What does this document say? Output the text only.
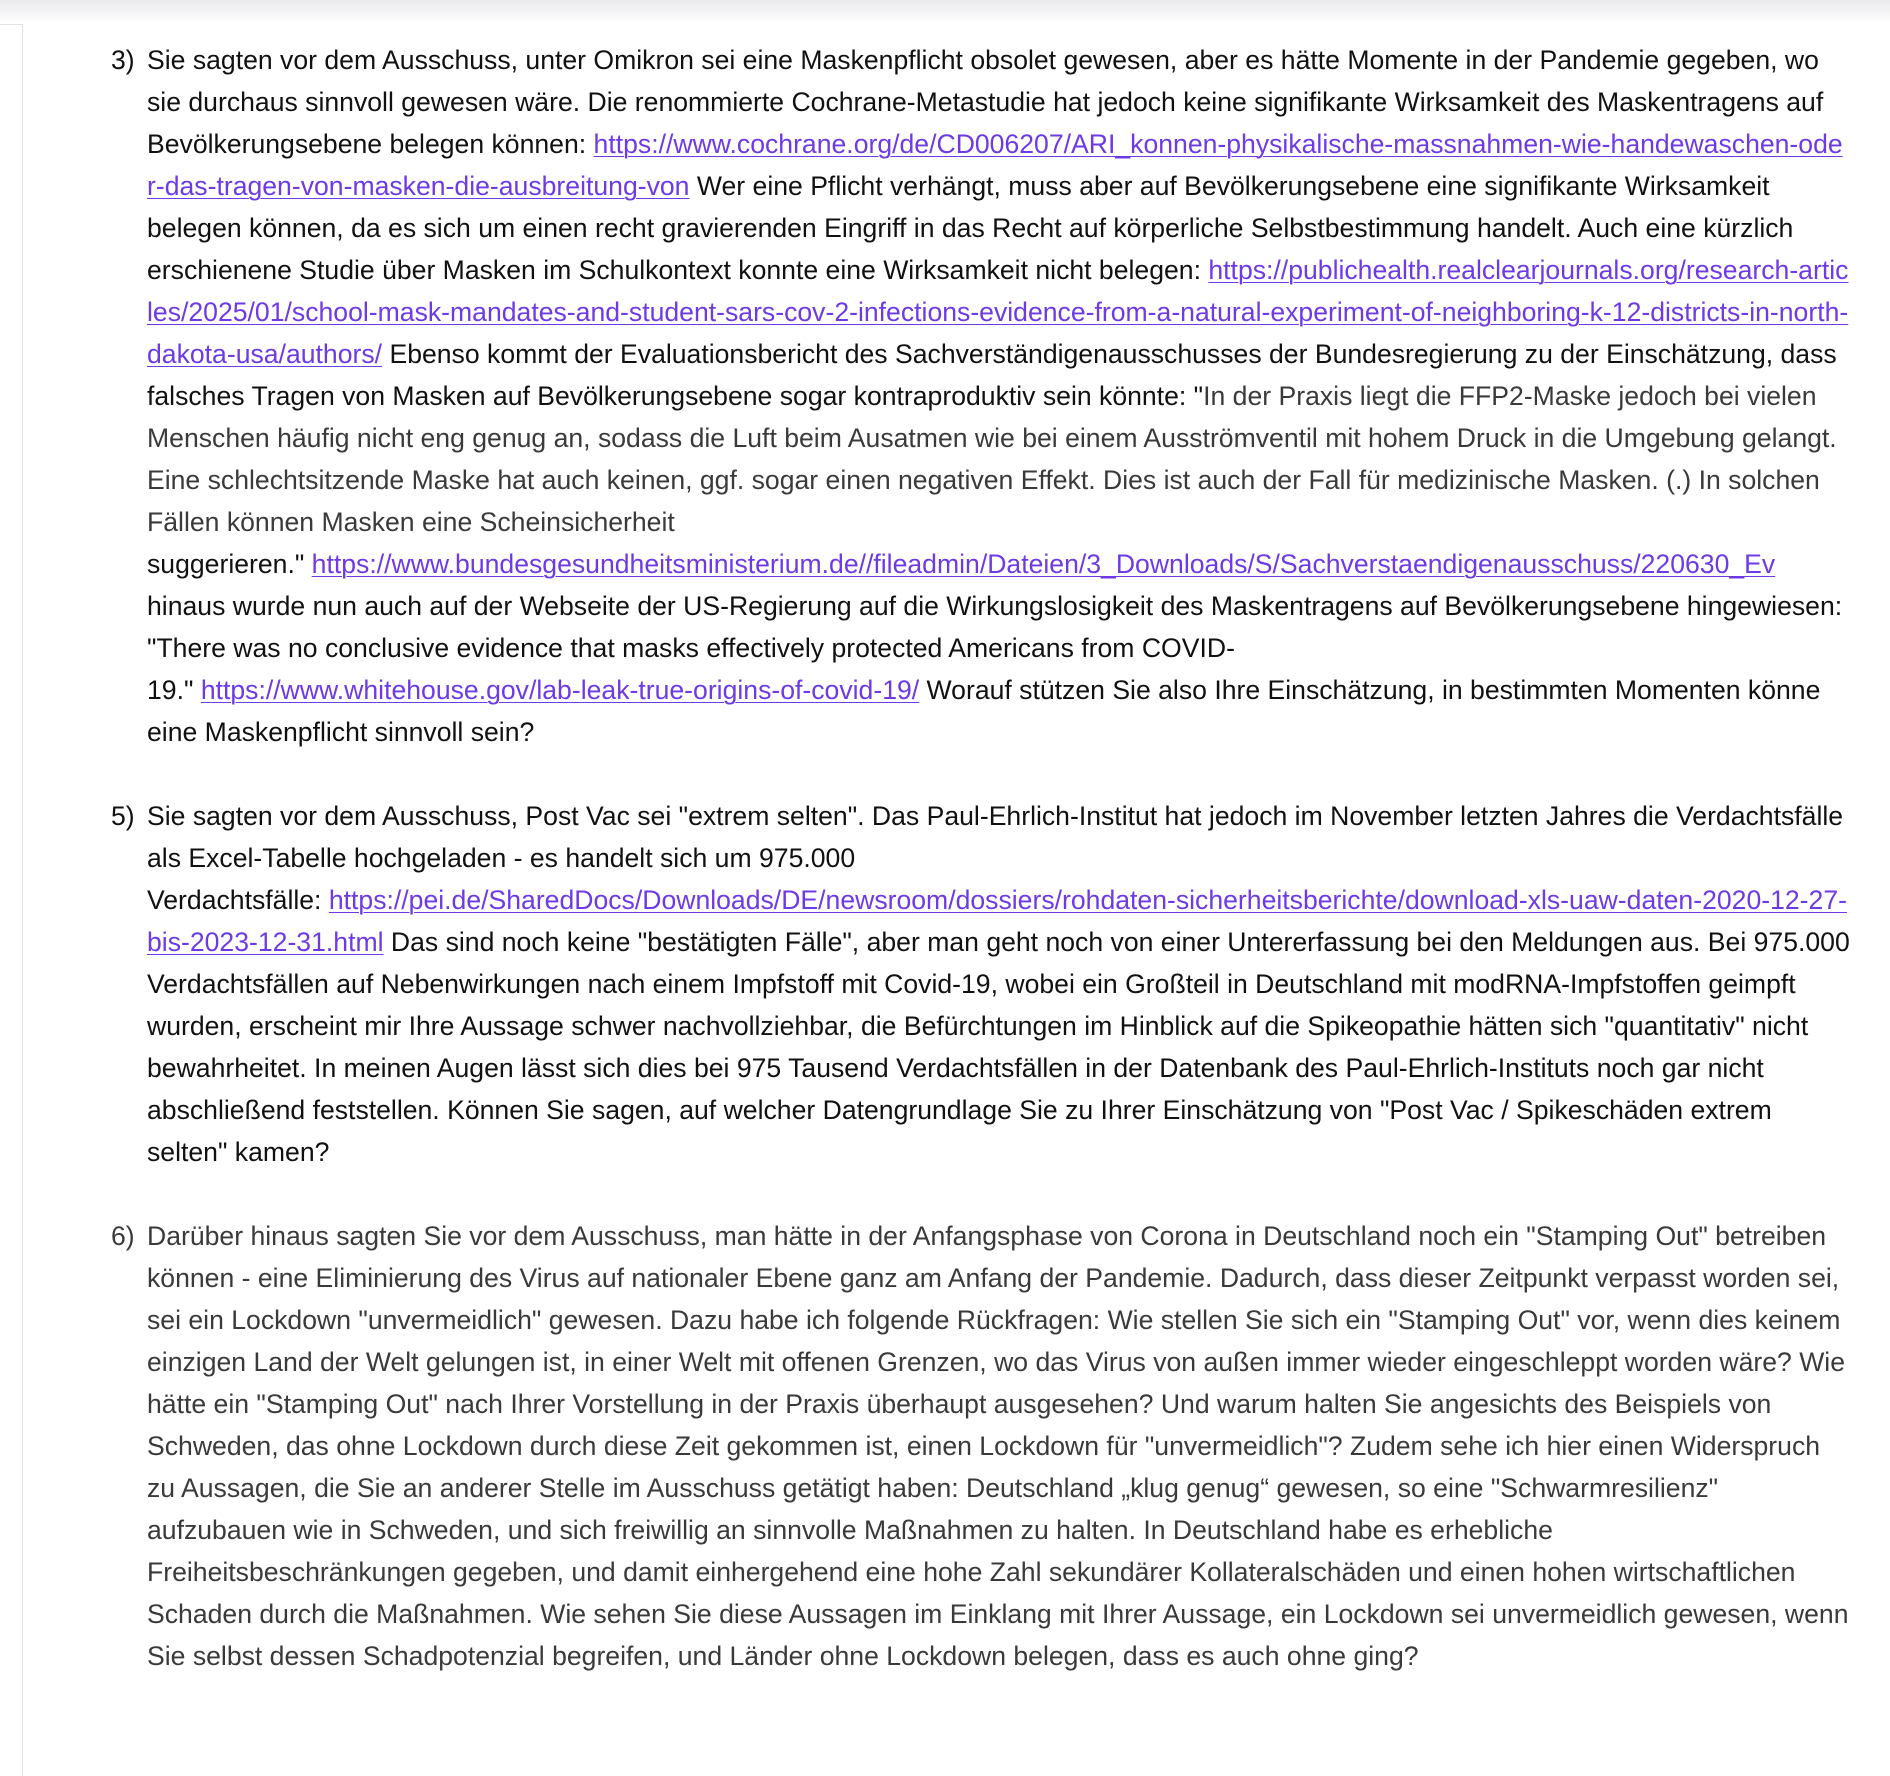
3) Sie sagten vor dem Ausschuss, unter Omikron sei eine Maskenpflicht obsolet gewesen, aber es hätte Momente in der Pandemie gegeben, wo sie durchaus sinnvoll gewesen wäre. Die renommierte Cochrane-Metastudie hat jedoch keine signifikante Wirksamkeit des Maskentragens auf Bevölkerungsebene belegen können: https://www.cochrane.org/de/CD006207/ARI_konnen-physikalische-massnahmen-wie-handewaschen-oder-das-tragen-von-masken-die-ausbreitung-von Wer eine Pflicht verhängt, muss aber auf Bevölkerungsebene eine signifikante Wirksamkeit belegen können, da es sich um einen recht gravierenden Eingriff in das Recht auf körperliche Selbstbestimmung handelt. Auch eine kürzlich erschienene Studie über Masken im Schulkontext konnte eine Wirksamkeit nicht belegen: https://publichealth.realclearjournals.org/research-articles/2025/01/school-mask-mandates-and-student-sars-cov-2-infections-evidence-from-a-natural-experiment-of-neighboring-k-12-districts-in-north-dakota-usa/authors/ Ebenso kommt der Evaluationsbericht des Sachverständigenausschusses der Bundesregierung zu der Einschätzung, dass falsches Tragen von Masken auf Bevölkerungsebene sogar kontraproduktiv sein könnte: "In der Praxis liegt die FFP2-Maske jedoch bei vielen Menschen häufig nicht eng genug an, sodass die Luft beim Ausatmen wie bei einem Ausströmventil mit hohem Druck in die Umgebung gelangt. Eine schlechtsitzende Maske hat auch keinen, ggf. sogar einen negativen Effekt. Dies ist auch der Fall für medizinische Masken. (.) In solchen Fällen können Masken eine Scheinsicherheit
suggerieren." https://www.bundesgesundheitsministerium.de//fileadmin/Dateien/3_Downloads/S/Sachverstaendigenausschuss/220630_Ev
hinaus wurde nun auch auf der Webseite der US-Regierung auf die Wirkungslosigkeit des Maskentragens auf Bevölkerungsebene hingewiesen: "There was no conclusive evidence that masks effectively protected Americans from COVID-
19." https://www.whitehouse.gov/lab-leak-true-origins-of-covid-19/ Worauf stützen Sie also Ihre Einschätzung, in bestimmten Momenten könne eine Maskenpflicht sinnvoll sein?
5) Sie sagten vor dem Ausschuss, Post Vac sei "extrem selten". Das Paul-Ehrlich-Institut hat jedoch im November letzten Jahres die Verdachtsfälle als Excel-Tabelle hochgeladen - es handelt sich um 975.000
Verdachtsfälle: https://pei.de/SharedDocs/Downloads/DE/newsroom/dossiers/rohdaten-sicherheitsberichte/download-xls-uaw-daten-2020-12-27-bis-2023-12-31.html Das sind noch keine "bestätigten Fälle", aber man geht noch von einer Untererfassung bei den Meldungen aus. Bei 975.000 Verdachtsfällen auf Nebenwirkungen nach einem Impfstoff mit Covid-19, wobei ein Großteil in Deutschland mit modRNA-Impfstoffen geimpft wurden, erscheint mir Ihre Aussage schwer nachvollziehbar, die Befürchtungen im Hinblick auf die Spikeopathie hätten sich "quantitativ" nicht bewahrheitet. In meinen Augen lässt sich dies bei 975 Tausend Verdachtsfällen in der Datenbank des Paul-Ehrlich-Instituts noch gar nicht abschließend feststellen. Können Sie sagen, auf welcher Datengrundlage Sie zu Ihrer Einschätzung von "Post Vac / Spikeschäden extrem selten" kamen?
6) Darüber hinaus sagten Sie vor dem Ausschuss, man hätte in der Anfangsphase von Corona in Deutschland noch ein "Stamping Out" betreiben können - eine Eliminierung des Virus auf nationaler Ebene ganz am Anfang der Pandemie. Dadurch, dass dieser Zeitpunkt verpasst worden sei, sei ein Lockdown "unvermeidlich" gewesen. Dazu habe ich folgende Rückfragen: Wie stellen Sie sich ein "Stamping Out" vor, wenn dies keinem einzigen Land der Welt gelungen ist, in einer Welt mit offenen Grenzen, wo das Virus von außen immer wieder eingeschleppt worden wäre? Wie hätte ein "Stamping Out" nach Ihrer Vorstellung in der Praxis überhaupt ausgesehen? Und warum halten Sie angesichts des Beispiels von Schweden, das ohne Lockdown durch diese Zeit gekommen ist, einen Lockdown für "unvermeidlich"? Zudem sehe ich hier einen Widerspruch zu Aussagen, die Sie an anderer Stelle im Ausschuss getätigt haben: Deutschland „klug genug“ gewesen, so eine "Schwarmresilienz" aufzubauen wie in Schweden, und sich freiwillig an sinnvolle Maßnahmen zu halten. In Deutschland habe es erhebliche Freiheitsbeschränkungen gegeben, und damit einhergehend eine hohe Zahl sekundärer Kollateralschäden und einen hohen wirtschaftlichen Schaden durch die Maßnahmen. Wie sehen Sie diese Aussagen im Einklang mit Ihrer Aussage, ein Lockdown sei unvermeidlich gewesen, wenn Sie selbst dessen Schadpotenzial begreifen, und Länder ohne Lockdown belegen, dass es auch ohne ging?
